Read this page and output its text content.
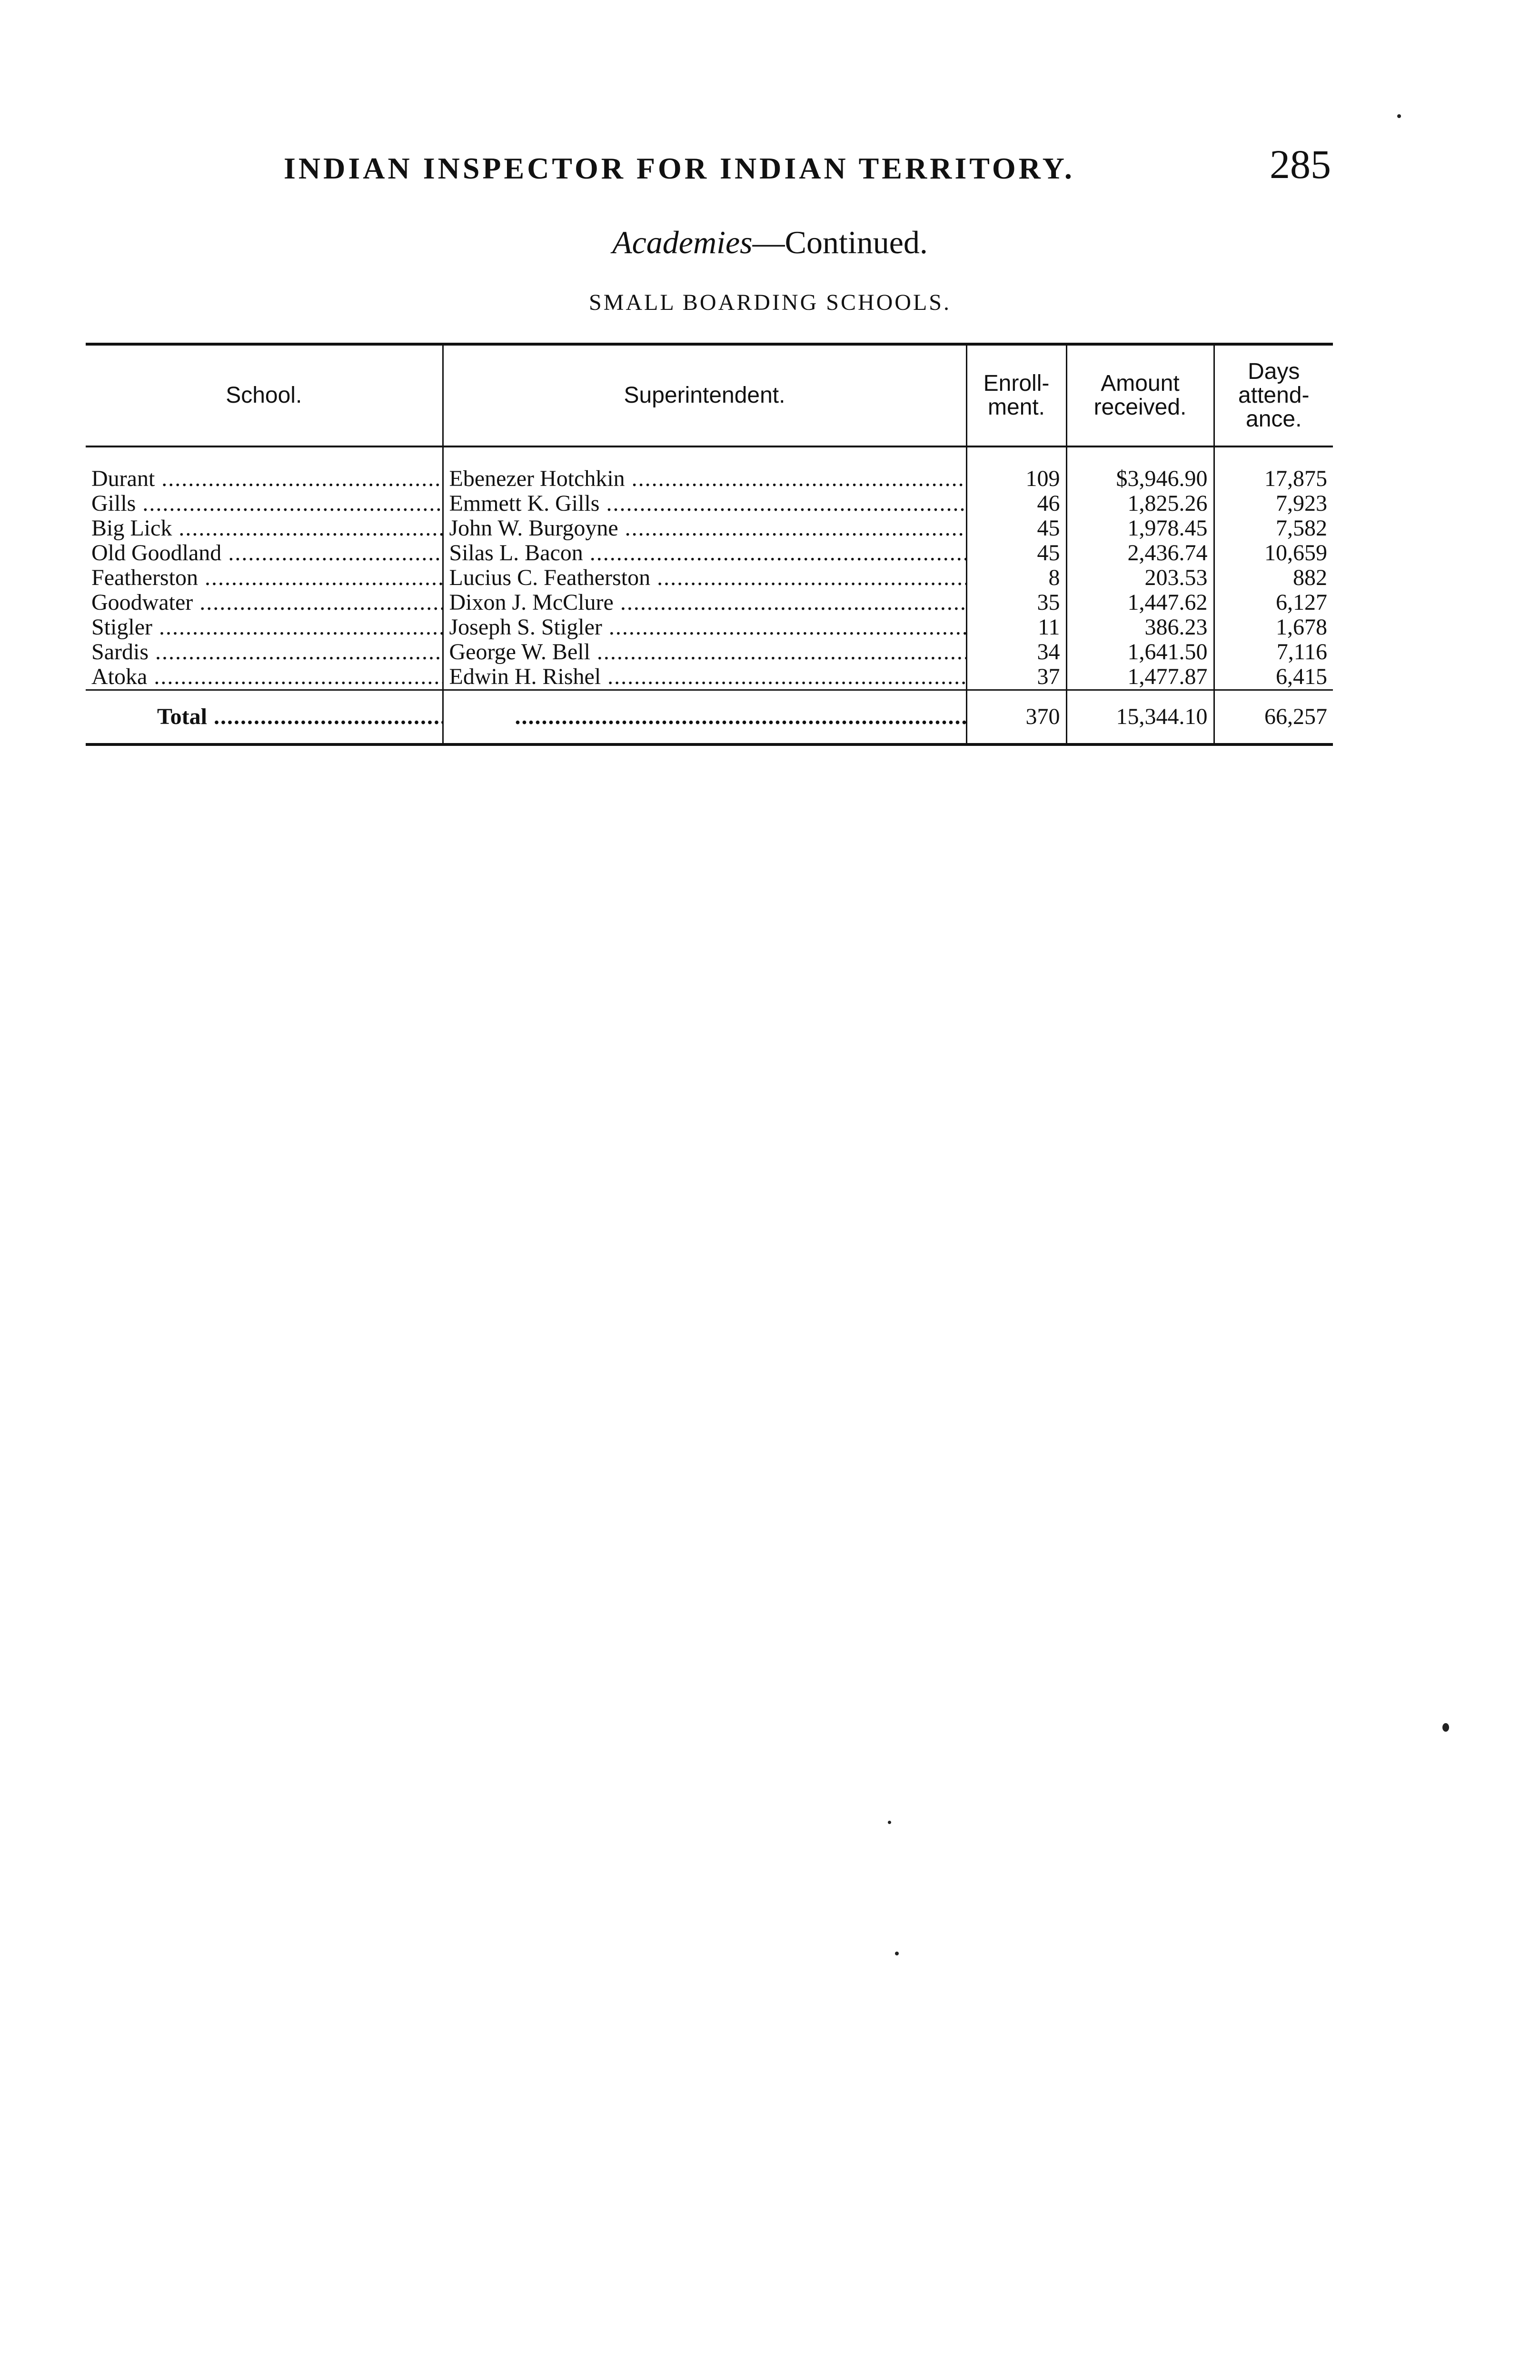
INDIAN INSPECTOR FOR INDIAN TERRITORY.	285
Academies—Continued.
SMALL BOARDING SCHOOLS.
School.	Superintendent.	Enroll-ment.	Amount received.	Days attend-ance.
Durant .....	Ebenezer Hotchkin .....	109	$3,946.90	17,875
Gills .....	Emmett K. Gills .....	46	1,825.26	7,923
Big Lick .....	John W. Burgoyne .....	45	1,978.45	7,582
Old Goodland .....	Silas L. Bacon .....	45	2,436.74	10,659
Featherston .....	Lucius C. Featherston .....	8	203.53	882
Goodwater .....	Dixon J. McClure .....	35	1,447.62	6,127
Stigler .....	Joseph S. Stigler .....	11	386.23	1,678
Sardis .....	George W. Bell .....	34	1,641.50	7,116
Atoka .....	Edwin H. Rishel .....	37	1,477.87	6,415
Total .....	.....	370	15,344.10	66,257
